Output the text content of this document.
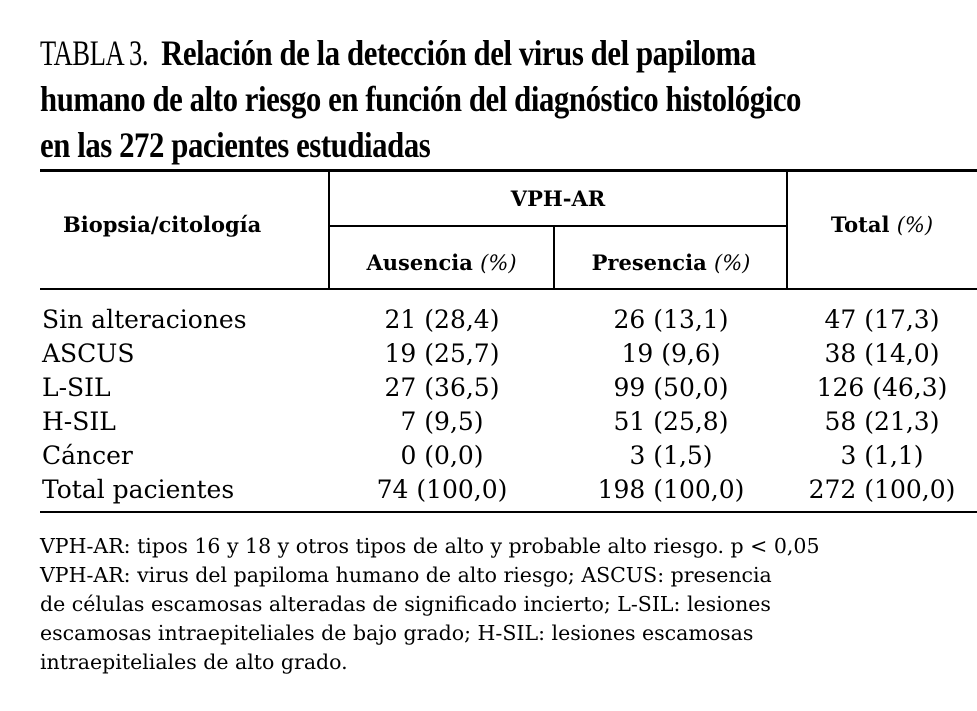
TABLA 3. Relación de la detección del virus del papiloma
humano de alto riesgo en función del diagnóstico histológico
en las 272 pacientes estudiadas
Biopsia/citología
VPH-AR
Ausencia (%)	Presencia (%)
Total (%)
Sin alteraciones	21 (28,4)	26 (13,1)	47 (17,3)
ASCUS	19 (25,7)	19 (9,6)	38 (14,0)
L-SIL	27 (36,5)	99 (50,0)	126 (46,3)
H-SIL	7 (9,5)	51 (25,8)	58 (21,3)
Cáncer	0 (0,0)	3 (1,5)	3 (1,1)
Total pacientes	74 (100,0)	198 (100,0)	272 (100,0)
VPH-AR: tipos 16 y 18 y otros tipos de alto y probable alto riesgo. p < 0,05
VPH-AR: virus del papiloma humano de alto riesgo; ASCUS: presencia
de células escamosas alteradas de significado incierto; L-SIL: lesiones
escamosas intraepiteliales de bajo grado; H-SIL: lesiones escamosas
intraepiteliales de alto grado.
